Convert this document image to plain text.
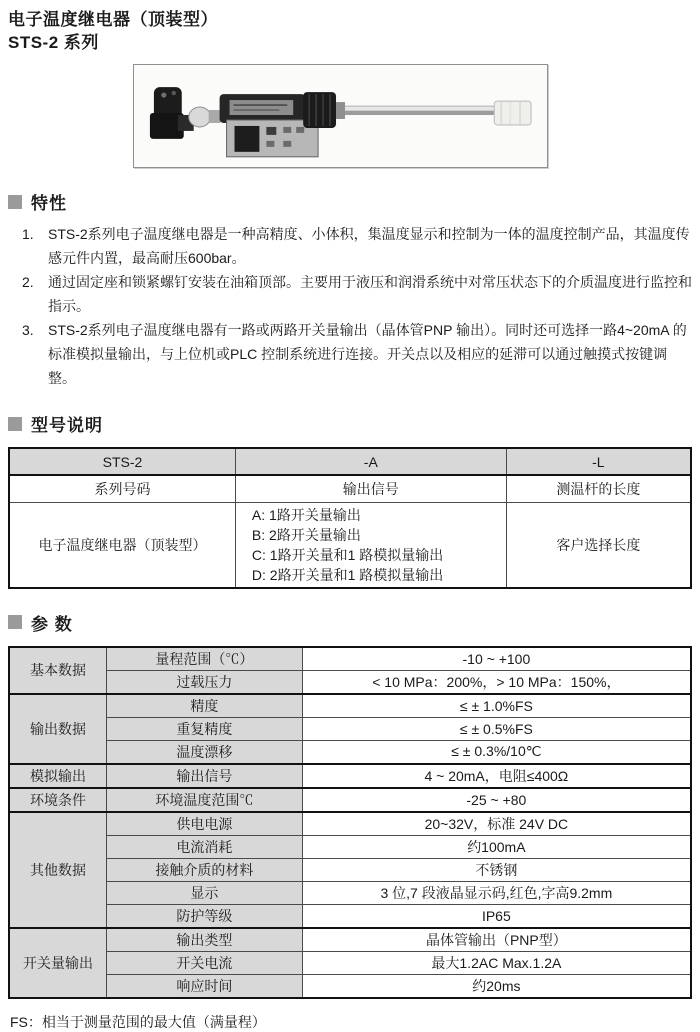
电子温度继电器（顶装型）
STS-2 系列
特性
1.	STS-2系列电子温度继电器是一种高精度、小体积，集温度显示和控制为一体的温度控制产品，其温度传感元件内置，最高耐压600bar。
2.	通过固定座和锁紧螺钉安装在油箱顶部。主要用于液压和润滑系统中对常压状态下的介质温度进行监控和指示。
3.	STS-2系列电子温度继电器有一路或两路开关量输出（晶体管PNP 输出）。同时还可选择一路4~20mA 的标准模拟量输出，与上位机或PLC 控制系统进行连接。开关点以及相应的延滞可以通过触摸式按键调整。
型号说明
STS-2	-A	-L
系列号码	输出信号	测温杆的长度
电子温度继电器（顶装型）	A: 1路开关量输出
B: 2路开关量输出
C: 1路开关量和1 路模拟量输出
D: 2路开关量和1 路模拟量输出	客户选择长度
参 数
基本数据	量程范围（℃）	-10 ~ +100
	过载压力	< 10 MPa：200%，> 10 MPa：150%，
输出数据	精度	≤ ± 1.0%FS
	重复精度	≤ ± 0.5%FS
	温度漂移	≤ ± 0.3%/10℃
模拟输出	输出信号	4 ~ 20mA，电阻≤400Ω
环境条件	环境温度范围℃	-25 ~ +80
其他数据	供电电源	20~32V，标准 24V DC
	电流消耗	约100mA
	接触介质的材料	不锈钢
	显示	3 位,7 段液晶显示码,红色,字高9.2mm
	防护等级	IP65
开关量输出	输出类型	晶体管输出（PNP型）
	开关电流	最大1.2AC Max.1.2A
	响应时间	约20ms
FS：相当于测量范围的最大值（满量程）
